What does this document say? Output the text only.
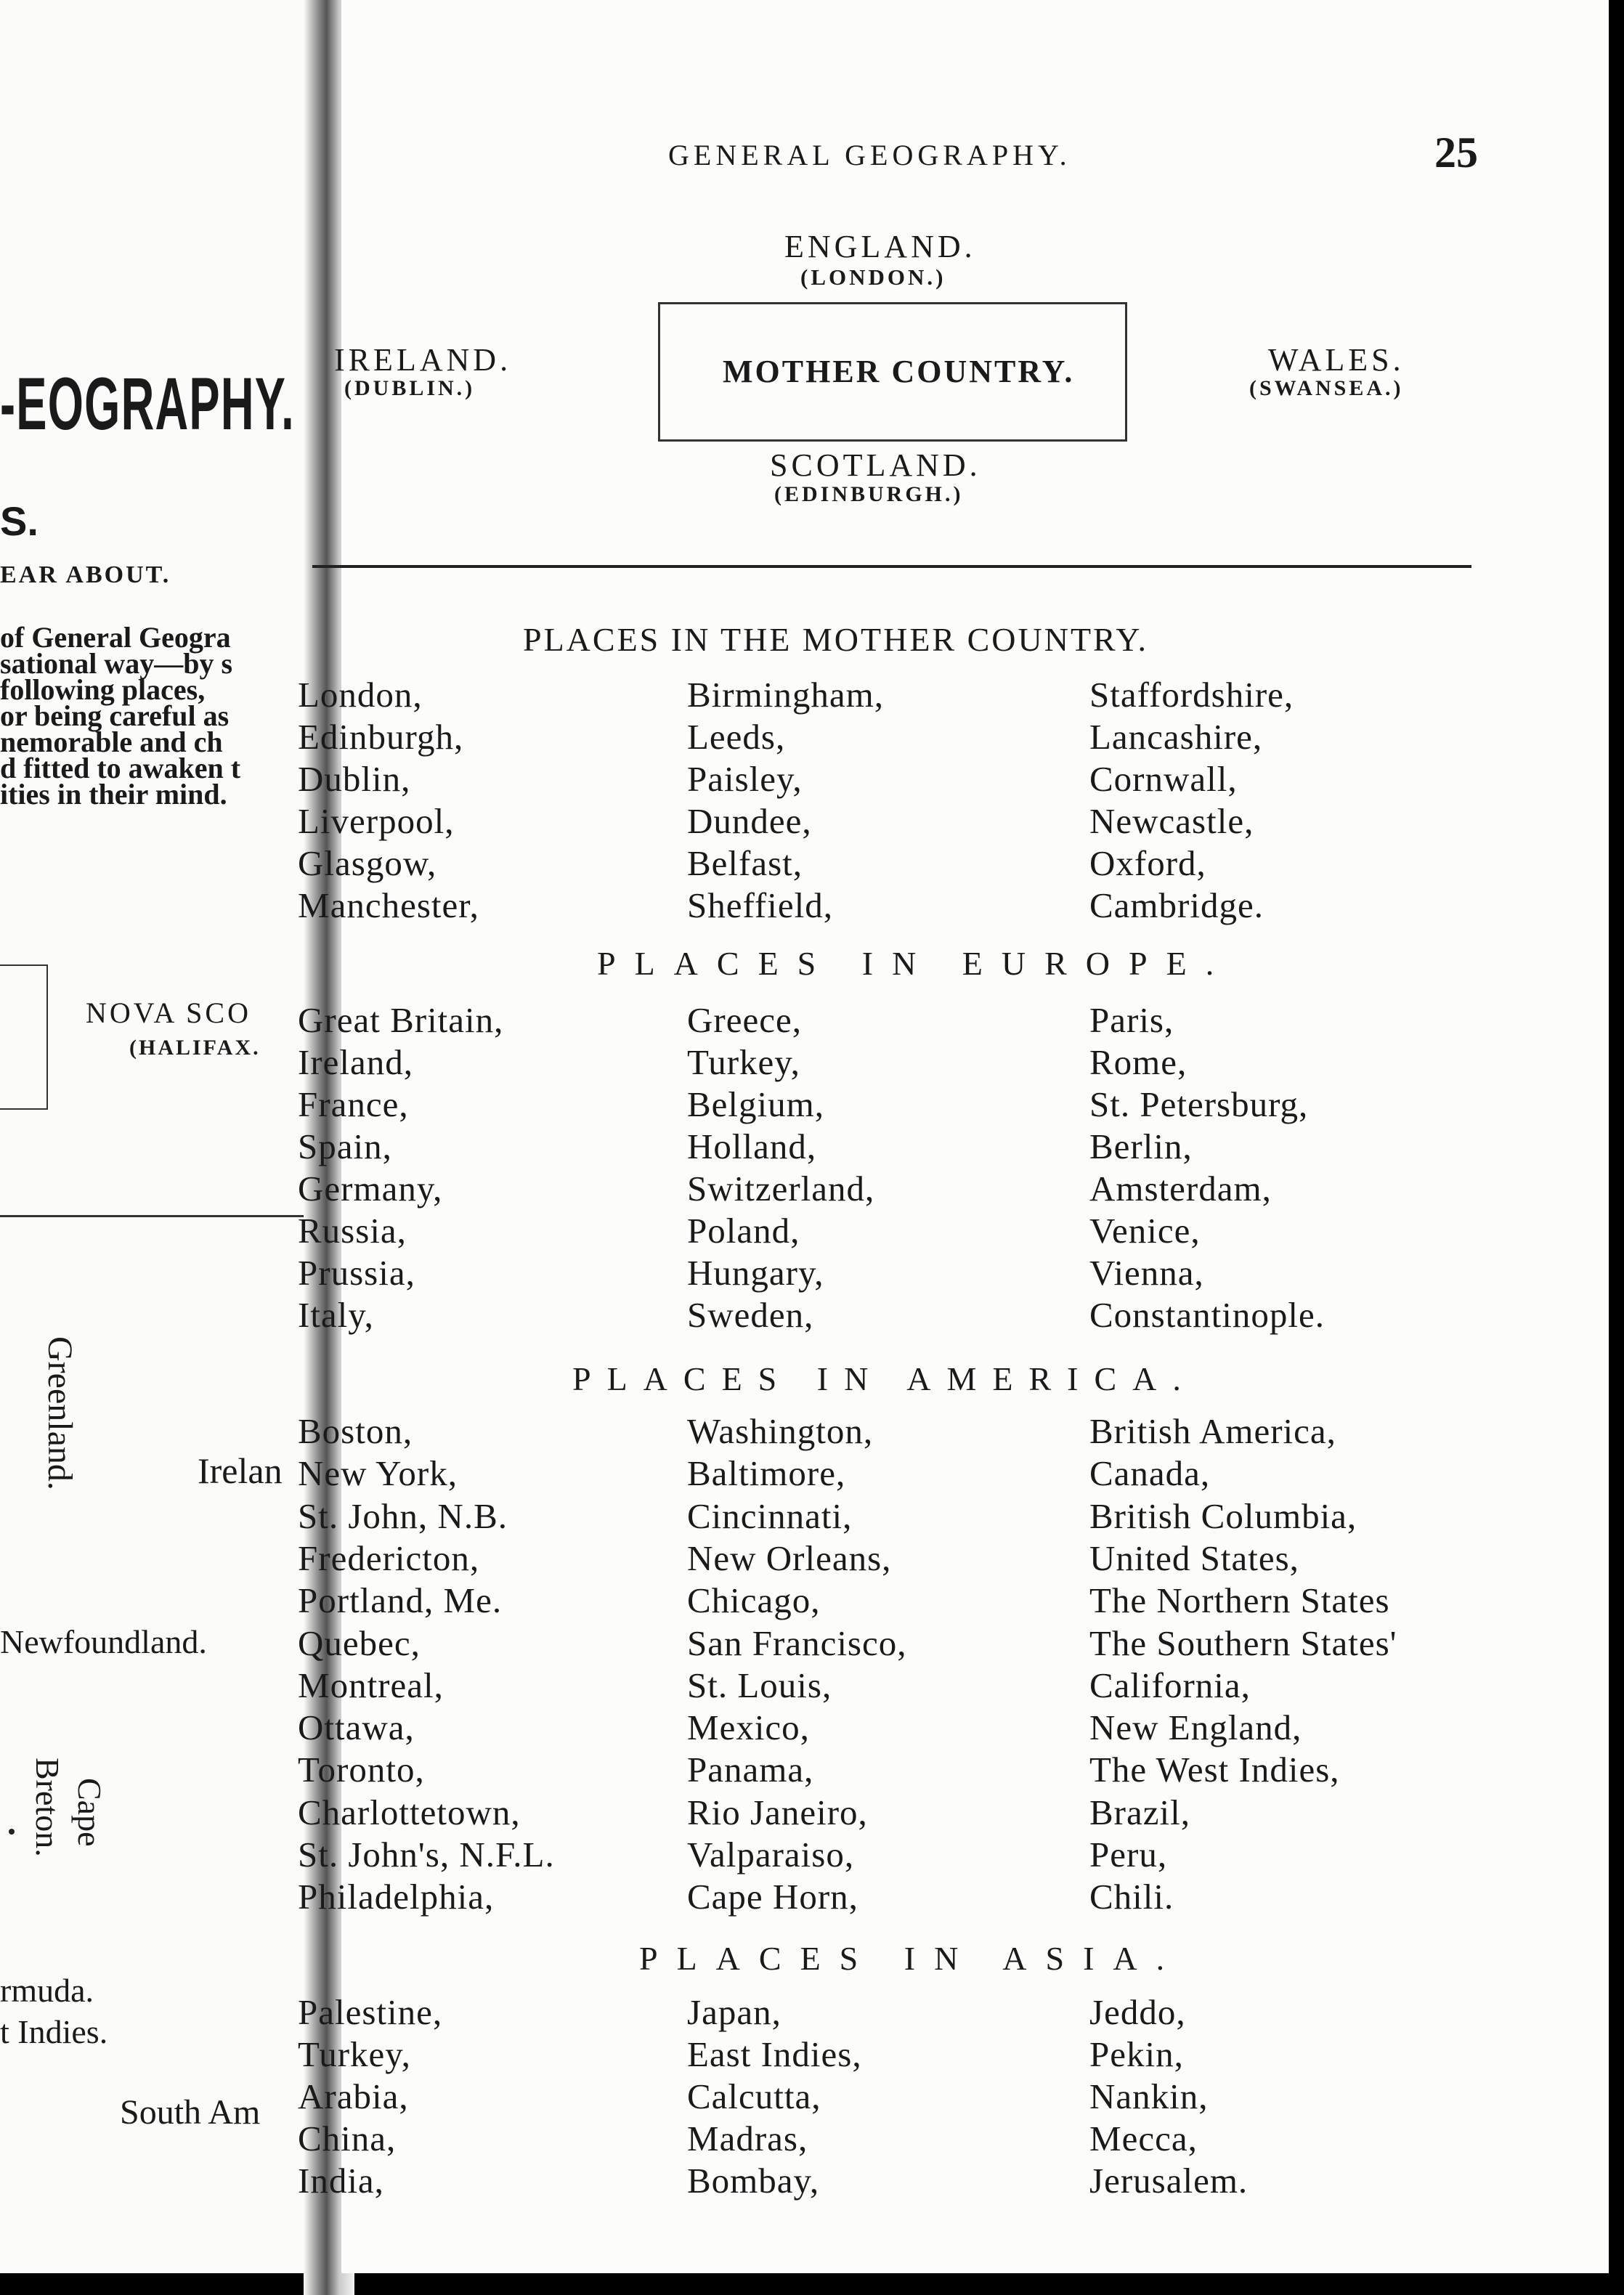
-EOGRAPHY.
S.
EAR ABOUT.
of General Geogra
sational way—by s
following places,
or being careful as
nemorable and ch
d fitted to awaken t
ities in their mind.
NOVA SCO
(HALIFAX.
Greenland.	Irelan
Newfoundland.
Cape
Breton.
rmuda.
t Indies.
South Am
GENERAL GEOGRAPHY.	25
ENGLAND.
(LONDON.)
MOTHER COUNTRY.
IRELAND.
(DUBLIN.)
WALES.
(SWANSEA.)
SCOTLAND.
(EDINBURGH.)
PLACES IN THE MOTHER COUNTRY.
PLACES IN EUROPE.
PLACES IN AMERICA.
PLACES IN ASIA.
London,
Edinburgh,
Dublin,
Liverpool,
Glasgow,
Manchester,
Birmingham,
Leeds,
Paisley,
Dundee,
Belfast,
Sheffield,
Staffordshire,
Lancashire,
Cornwall,
Newcastle,
Oxford,
Cambridge.
Great Britain,
Ireland,
France,
Spain,
Germany,
Russia,
Prussia,
Italy,
Greece,
Turkey,
Belgium,
Holland,
Switzerland,
Poland,
Hungary,
Sweden,
Paris,
Rome,
St. Petersburg,
Berlin,
Amsterdam,
Venice,
Vienna,
Constantinople.
Boston,
New York,
St. John, N.B.
Fredericton,
Portland, Me.
Quebec,
Montreal,
Ottawa,
Toronto,
Charlottetown,
St. John's, N.F.L.
Philadelphia,
Washington,
Baltimore,
Cincinnati,
New Orleans,
Chicago,
San Francisco,
St. Louis,
Mexico,
Panama,
Rio Janeiro,
Valparaiso,
Cape Horn,
British America,
Canada,
British Columbia,
United States,
The Northern States
The Southern States'
California,
New England,
The West Indies,
Brazil,
Peru,
Chili.
Palestine,
Turkey,
Arabia,
China,
India,
Japan,
East Indies,
Calcutta,
Madras,
Bombay,
Jeddo,
Pekin,
Nankin,
Mecca,
Jerusalem.
